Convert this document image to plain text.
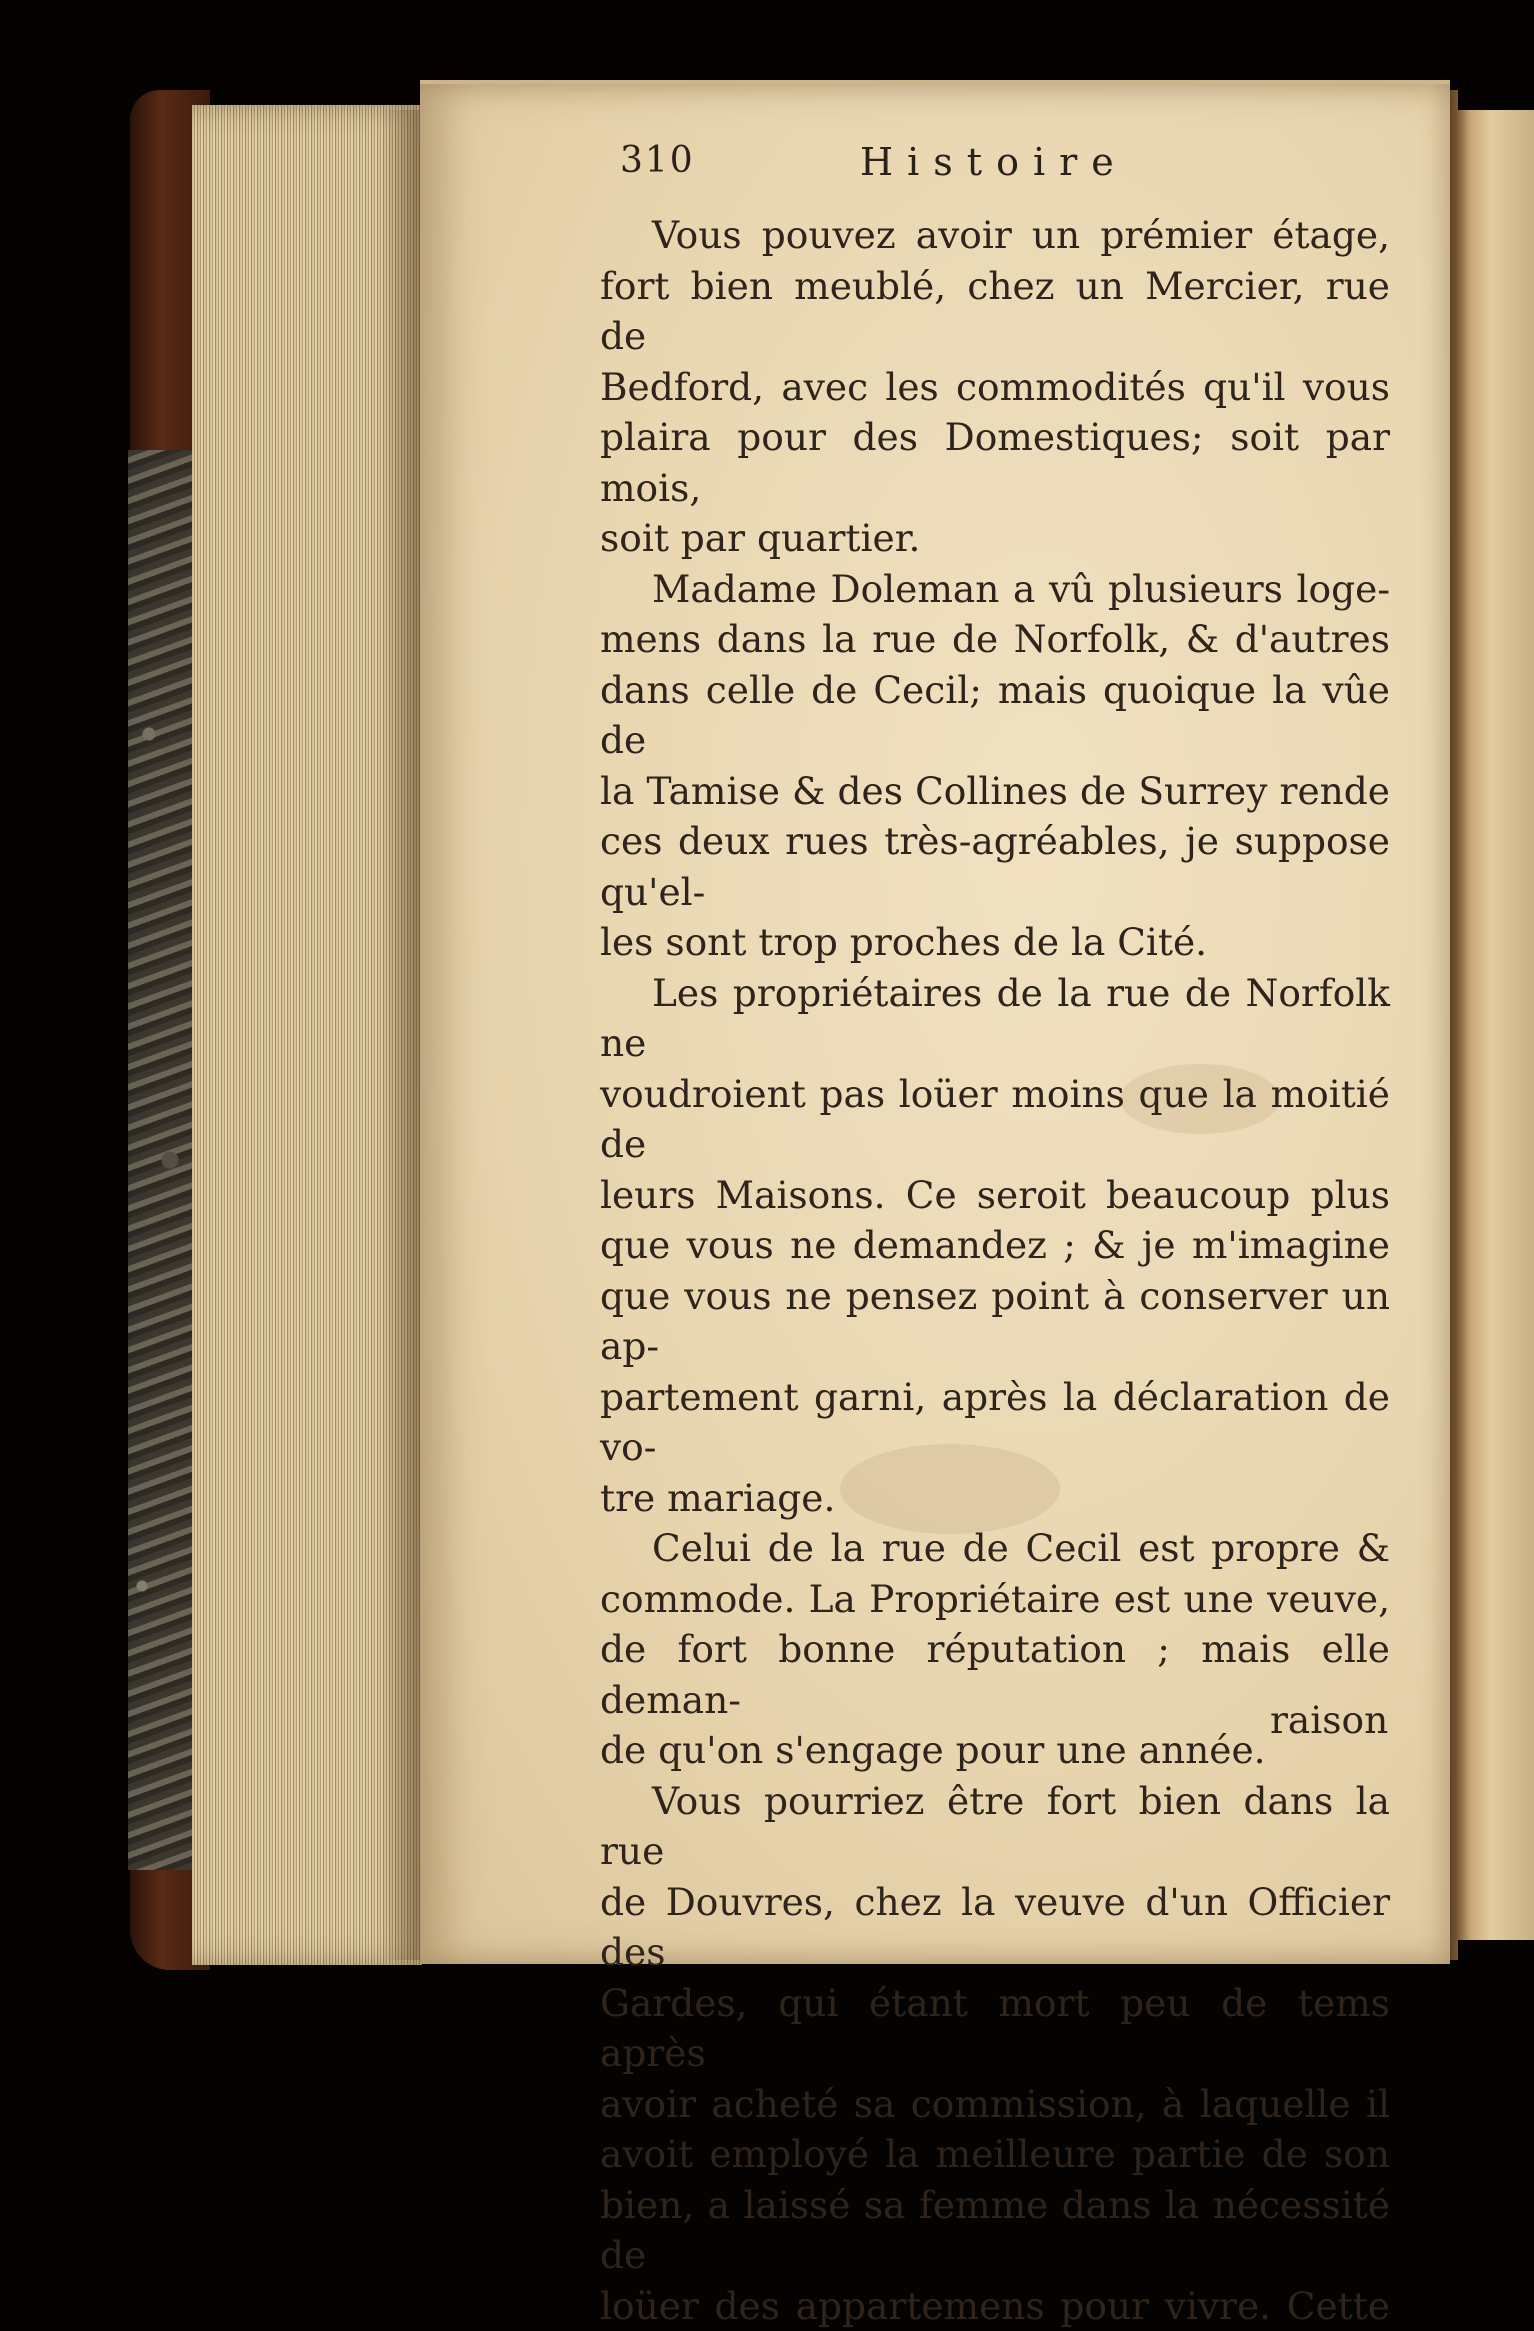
310	Histoire

Vous pouvez avoir un prémier étage,

fort bien meublé, chez un Mercier, rue de

Bedford, avec les commodités qu'il vous

plaira pour des Domestiques; soit par mois,

soit par quartier.

Madame Doleman a vû plusieurs loge-

mens dans la rue de Norfolk, & d'autres

dans celle de Cecil; mais quoique la vûe de

la Tamise & des Collines de Surrey rende

ces deux rues très-agréables, je suppose qu'el-

les sont trop proches de la Cité.

Les propriétaires de la rue de Norfolk ne

voudroient pas loüer moins que la moitié de

leurs Maisons. Ce seroit beaucoup plus

que vous ne demandez ; & je m'imagine

que vous ne pensez point à conserver un ap-

partement garni, après la déclaration de vo-

tre mariage.

Celui de la rue de Cecil est propre &

commode. La Propriétaire est une veuve,

de fort bonne réputation ; mais elle deman-

de qu'on s'engage pour une année.

Vous pourriez être fort bien dans la rue

de Douvres, chez la veuve d'un Officier des

Gardes, qui étant mort peu de tems après

avoir acheté sa commission, à laquelle il

avoit employé la meilleure partie de son

bien, a laissé sa femme dans la nécessité de

loüer des appartemens pour vivre. Cette

raison
